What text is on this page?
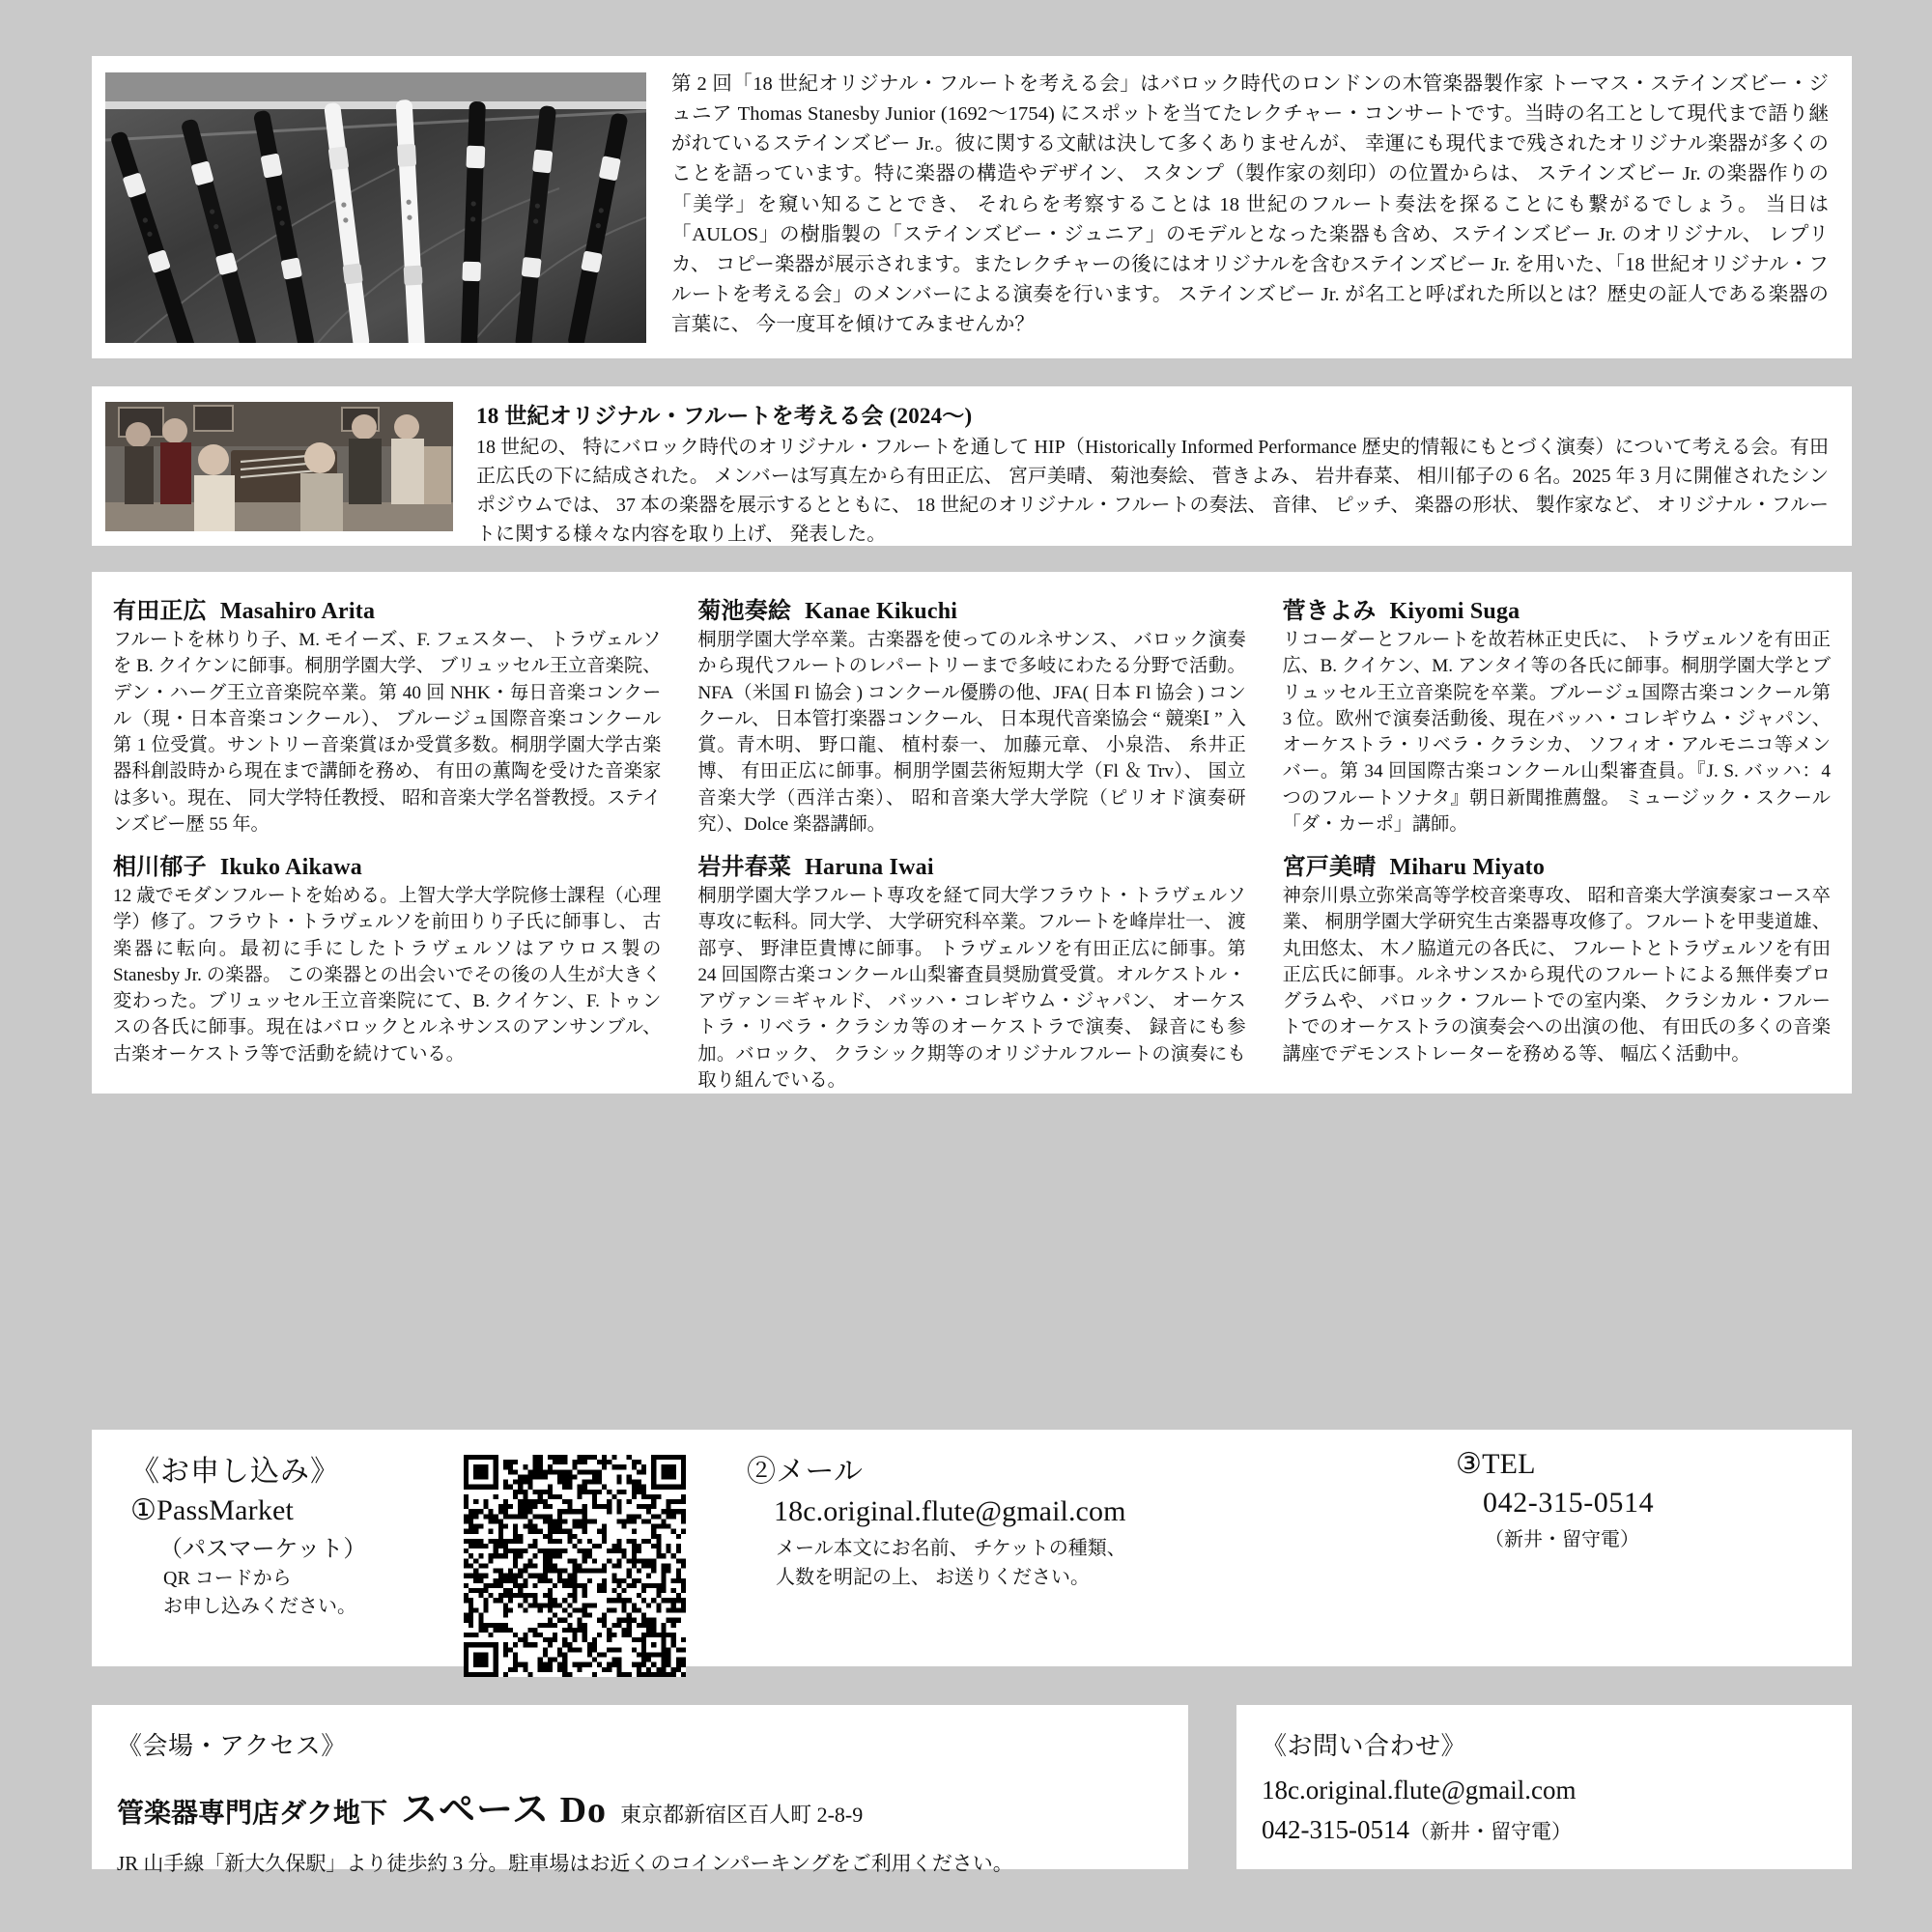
第 2 回「18 世紀オリジナル・フルートを考える会」はバロック時代のロンドンの木管楽器製作家 トーマス・ステインズビー・ジュニア Thomas Stanesby Junior (1692〜1754) にスポットを当てたレクチャー・コンサートです。当時の名工として現代まで語り継がれているステインズビー Jr.。彼に関する文献は決して多くありませんが、 幸運にも現代まで残されたオリジナル楽器が多くのことを語っています。特に楽器の構造やデザイン、 スタンプ（製作家の刻印）の位置からは、 ステインズビー Jr. の楽器作りの「美学」を窺い知ることでき、 それらを考察することは 18 世紀のフルート奏法を探ることにも繋がるでしょう。 当日は「AULOS」の樹脂製の「ステインズビー・ジュニア」のモデルとなった楽器も含め、ステインズビー Jr. のオリジナル、 レプリカ、 コピー楽器が展示されます。またレクチャーの後にはオリジナルを含むステインズビー Jr. を用いた、「18 世紀オリジナル・フルートを考える会」のメンバーによる演奏を行います。 ステインズビー Jr. が名工と呼ばれた所以とは？歴史の証人である楽器の言葉に、 今一度耳を傾けてみませんか？
18 世紀オリジナル・フルートを考える会 (2024〜)
18 世紀の、 特にバロック時代のオリジナル・フルートを通して HIP（Historically Informed Performance 歴史的情報にもとづく演奏）について考える会。有田正広氏の下に結成された。 メンバーは写真左から有田正広、 宮戸美晴、 菊池奏絵、 菅きよみ、 岩井春菜、 相川郁子の 6 名。2025 年 3 月に開催されたシンポジウムでは、 37 本の楽器を展示するとともに、 18 世紀のオリジナル・フルートの奏法、 音律、 ピッチ、 楽器の形状、 製作家など、 オリジナル・フルートに関する様々な内容を取り上げ、 発表した。
有田正広 Masahiro Arita
フルートを林りり子、M. モイーズ、F. フェスター、 トラヴェルソを B. クイケンに師事。桐朋学園大学、 ブリュッセル王立音楽院、 デン・ハーグ王立音楽院卒業。第 40 回 NHK・毎日音楽コンクール（現・日本音楽コンクール）、 ブルージュ国際音楽コンクール第 1 位受賞。サントリー音楽賞ほか受賞多数。桐朋学園大学古楽器科創設時から現在まで講師を務め、 有田の薫陶を受けた音楽家は多い。現在、 同大学特任教授、 昭和音楽大学名誉教授。ステインズビー歴 55 年。
菊池奏絵 Kanae Kikuchi
桐朋学園大学卒業。古楽器を使ってのルネサンス、 バロック演奏から現代フルートのレパートリーまで多岐にわたる分野で活動。NFA（米国 Fl 協会 ) コンクール優勝の他、JFA( 日本 Fl 協会 ) コンクール、 日本管打楽器コンクール、 日本現代音楽協会 “ 競楽Ⅰ ” 入賞。青木明、 野口龍、 植村泰一、 加藤元章、 小泉浩、 糸井正博、 有田正広に師事。桐朋学園芸術短期大学（Fl ＆ Trv）、 国立音楽大学（西洋古楽）、 昭和音楽大学大学院（ピリオド演奏研究）、Dolce 楽器講師。
菅きよみ Kiyomi Suga
リコーダーとフルートを故若林正史氏に、 トラヴェルソを有田正広、B. クイケン、M. アンタイ等の各氏に師事。桐朋学園大学とブリュッセル王立音楽院を卒業。ブルージュ国際古楽コンクール第 3 位。欧州で演奏活動後、現在バッハ・コレギウム・ジャパン、 オーケストラ・リベラ・クラシカ、 ソフィオ・アルモニコ等メンバー。第 34 回国際古楽コンクール山梨審査員。『J. S. バッハ：4 つのフルートソナタ』朝日新聞推薦盤。 ミュージック・スクール「ダ・カーポ」講師。
相川郁子 Ikuko Aikawa
12 歳でモダンフルートを始める。上智大学大学院修士課程（心理学）修了。フラウト・トラヴェルソを前田りり子氏に師事し、 古楽器に転向。最初に手にしたトラヴェルソはアウロス製の Stanesby Jr. の楽器。 この楽器との出会いでその後の人生が大きく変わった。ブリュッセル王立音楽院にて、B. クイケン、F. トゥンスの各氏に師事。現在はバロックとルネサンスのアンサンブル、 古楽オーケストラ等で活動を続けている。
岩井春菜 Haruna Iwai
桐朋学園大学フルート専攻を経て同大学フラウト・トラヴェルソ専攻に転科。同大学、 大学研究科卒業。フルートを峰岸壮一、 渡部亨、 野津臣貴博に師事。 トラヴェルソを有田正広に師事。第 24 回国際古楽コンクール山梨審査員奨励賞受賞。オルケストル・アヴァン＝ギャルド、 バッハ・コレギウム・ジャパン、 オーケストラ・リベラ・クラシカ等のオーケストラで演奏、 録音にも参加。バロック、 クラシック期等のオリジナルフルートの演奏にも取り組んでいる。
宮戸美晴 Miharu Miyato
神奈川県立弥栄高等学校音楽専攻、 昭和音楽大学演奏家コース卒業、 桐朋学園大学研究生古楽器専攻修了。フルートを甲斐道雄、 丸田悠太、 木ノ脇道元の各氏に、 フルートとトラヴェルソを有田正広氏に師事。ルネサンスから現代のフルートによる無伴奏プログラムや、 バロック・フルートでの室内楽、 クラシカル・フルートでのオーケストラの演奏会への出演の他、 有田氏の多くの音楽講座でデモンストレーターを務める等、 幅広く活動中。
《お申し込み》
①PassMarket
（パスマーケット）
QR コードから
お申し込みください。
②メール
18c.original.flute@gmail.com
メール本文にお名前、 チケットの種類、
人数を明記の上、 お送りください。
③TEL
042-315-0514
（新井・留守電）
《会場・アクセス》
管楽器専門店ダク地下 スペース Do 東京都新宿区百人町 2-8-9
JR 山手線「新大久保駅」より徒歩約 3 分。駐車場はお近くのコインパーキングをご利用ください。
《お問い合わせ》
18c.original.flute@gmail.com
042-315-0514（新井・留守電）
